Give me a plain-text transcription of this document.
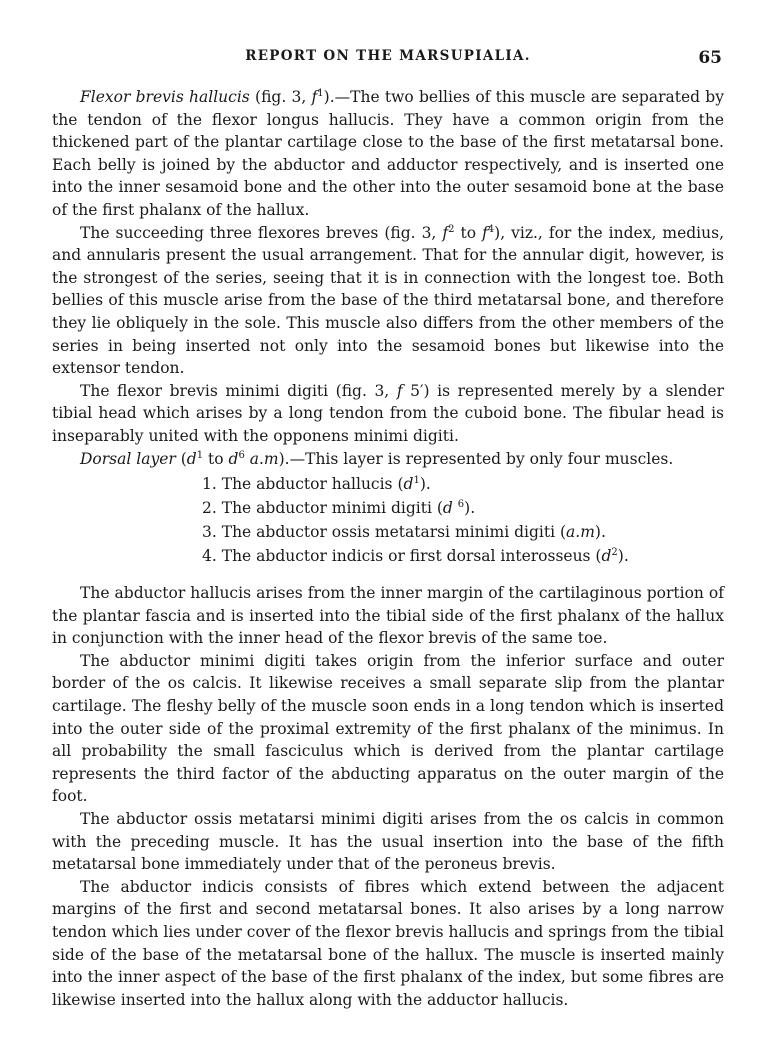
REPORT ON THE MARSUPIALIA.	65

Flexor brevis hallucis (fig. 3, $f^1).—The$ two bellies of this muscle are separated by the tendon of the flexor longus hallucis. They have a common origin from the thickened part of the plantar cartilage close to the base of the first metatarsal bone. Each belly is joined by the abductor and adductor respectively, and is inserted one into the inner sesamoid bone and the other into the outer sesamoid bone at the base of the first phalanx of the hallux.

The succeeding three flexores breves (fig. 3, $f^2$ to $f^4$), viz., for the index, medius, and annularis present the usual arrangement. That for the annular digit, however, is the strongest of the series, seeing that it is in connection with the longest toe. Both bellies of this muscle arise from the base of the third metatarsal bone, and therefore they lie obliquely in the sole. This muscle also differs from the other members of the series in being inserted not only into the sesamoid bones but likewise into the extensor tendon.

The flexor brevis minimi digiti (fig. 3, f 5′) is represented merely by a slender tibial head which arises by a long tendon from the cuboid bone. The fibular head is inseparably united with the opponens minimi digiti.

Dorsal layer ($d^1$ to $d^6$ a.m).—This layer is represented by only four muscles.

1. The abductor hallucis $(d^1)$.
2. The abductor minimi digiti (d $^6$).
3. The abductor ossis metatarsi minimi digiti (a.m).
4. The abductor indicis or first dorsal interosseus $(d^2)$.

The abductor hallucis arises from the inner margin of the cartilaginous portion of the plantar fascia and is inserted into the tibial side of the first phalanx of the hallux in conjunction with the inner head of the flexor brevis of the same toe.

The abductor minimi digiti takes origin from the inferior surface and outer border of the os calcis. It likewise receives a small separate slip from the plantar cartilage. The fleshy belly of the muscle soon ends in a long tendon which is inserted into the outer side of the proximal extremity of the first phalanx of the minimus. In all probability the small fasciculus which is derived from the plantar cartilage represents the third factor of the abducting apparatus on the outer margin of the foot.

The abductor ossis metatarsi minimi digiti arises from the os calcis in common with the preceding muscle. It has the usual insertion into the base of the fifth metatarsal bone immediately under that of the peroneus brevis.

The abductor indicis consists of fibres which extend between the adjacent margins of the first and second metatarsal bones. It also arises by a long narrow tendon which lies under cover of the flexor brevis hallucis and springs from the tibial side of the base of the metatarsal bone of the hallux. The muscle is inserted mainly into the inner aspect of the base of the first phalanx of the index, but some fibres are likewise inserted into the hallux along with the adductor hallucis.
